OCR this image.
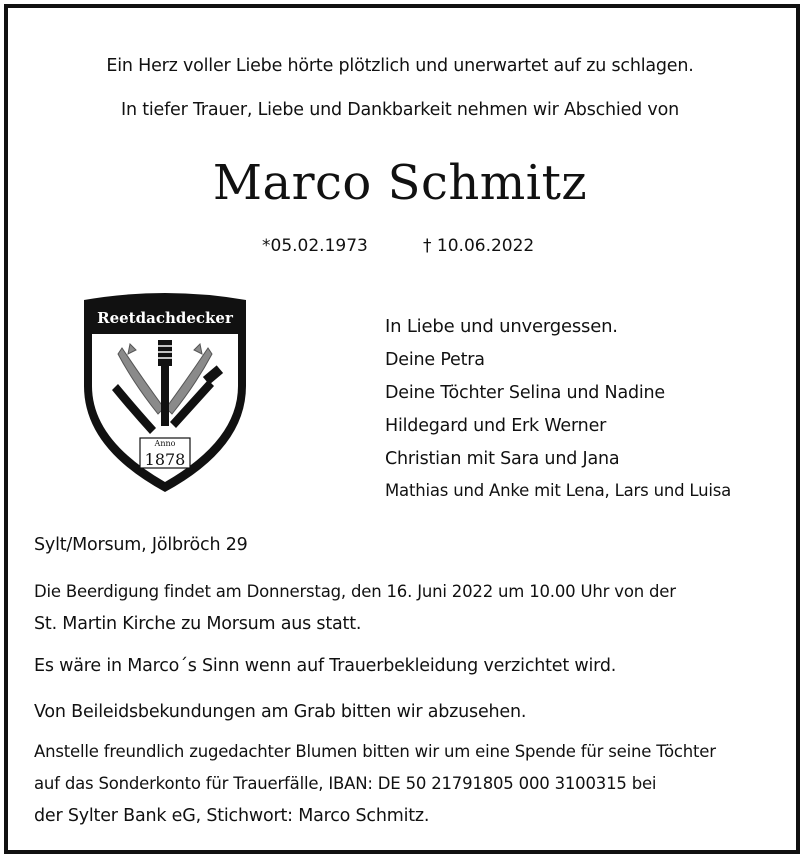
Ein Herz voller Liebe hörte plötzlich und unerwartet auf zu schlagen.
In tiefer Trauer, Liebe und Dankbarkeit nehmen wir Abschied von
Marco Schmitz
*05.02.1973	† 10.06.2022
Anno
1878
Reetdachdecker	In Liebe und unvergessen.
Deine Petra
Deine Töchter Selina und Nadine
Hildegard und Erk Werner
Christian mit Sara und Jana
Mathias und Anke mit Lena, Lars und Luisa
Sylt/Morsum, Jölbröch 29
Die Beerdigung findet am Donnerstag, den 16. Juni 2022 um 10.00 Uhr von der
St. Martin Kirche zu Morsum aus statt.
Es wäre in Marco´s Sinn wenn auf Trauerbekleidung verzichtet wird.
Von Beileidsbekundungen am Grab bitten wir abzusehen.
Anstelle freundlich zugedachter Blumen bitten wir um eine Spende für seine Töchter
auf das Sonderkonto für Trauerfälle, IBAN: DE 50 21791805 000 3100315 bei
der Sylter Bank eG, Stichwort: Marco Schmitz.
